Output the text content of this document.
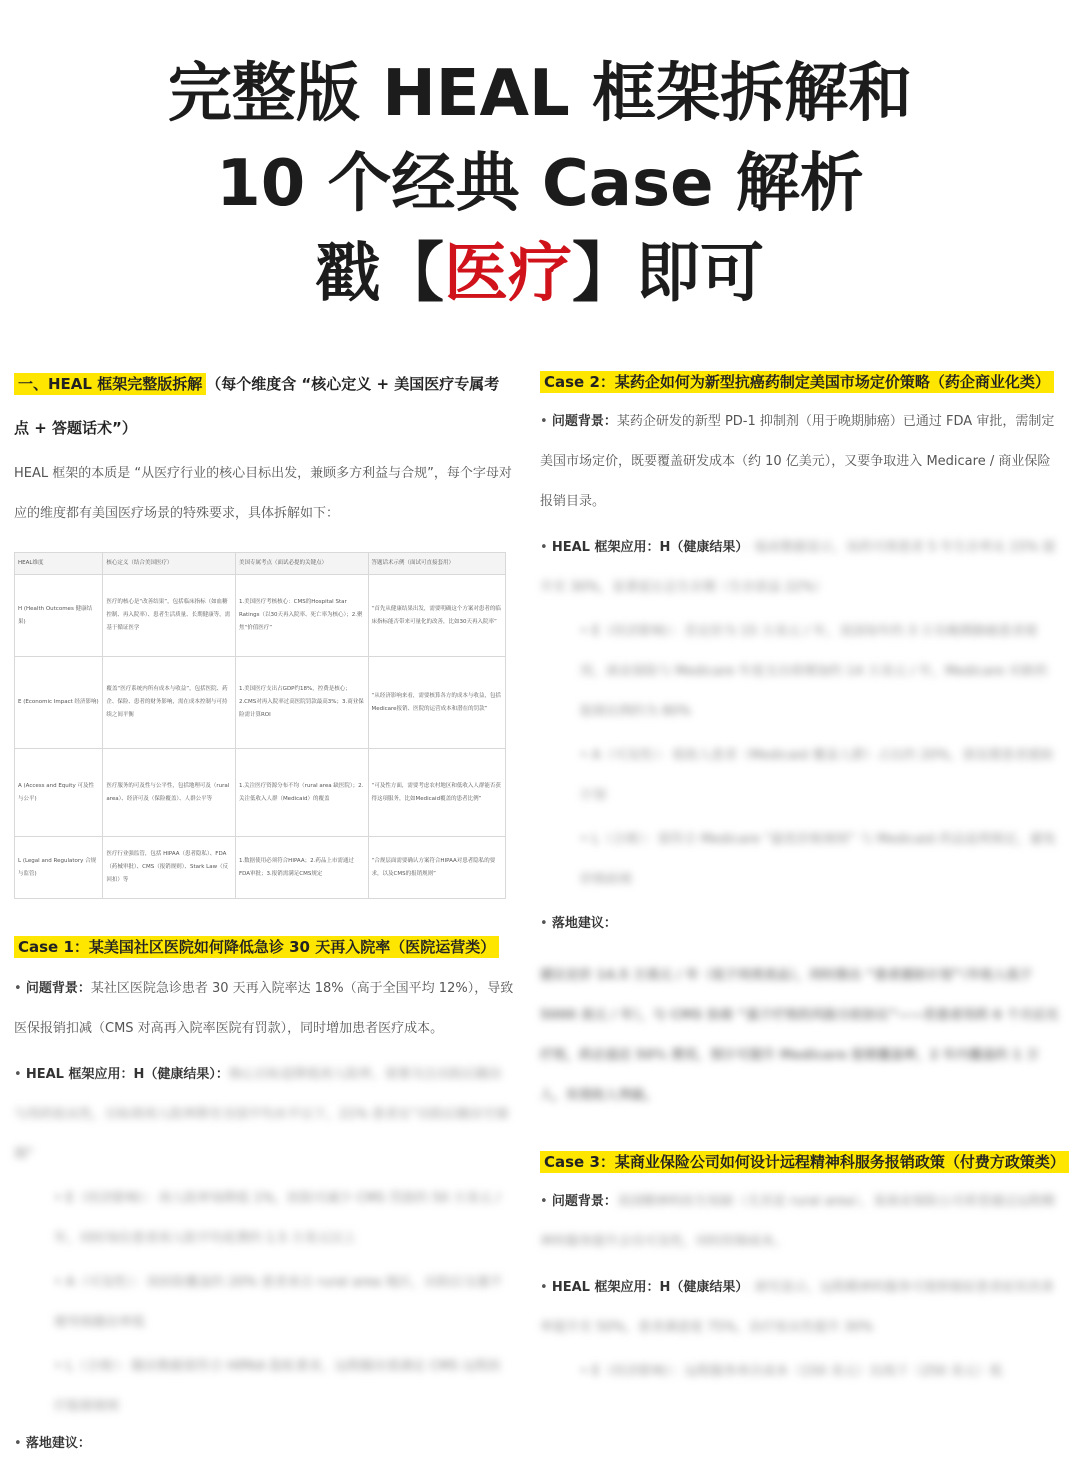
完整版 HEAL 框架拆解和
10 个经典 Case 解析
戳【医疗】即可
一、HEAL 框架完整版拆解 （每个维度含 “核心定义 + 美国医疗专属考点 + 答题话术”）
HEAL 框架的本质是 “从医疗行业的核心目标出发，兼顾多方利益与合规”，每个字母对应的维度都有美国医疗场景的特殊要求，具体拆解如下：
HEAL维度	核心定义（结合美国医疗）	美国专属考点（面试必提的关键点）	答题话术示例（面试可直接套用）
H (Health Outcomes 健康结果)	医疗的核心是“改善结果”，包括临床指标（如血糖控制、再入院率）、患者生活质量、长期健康等，需基于循证医学	1.美国医疗考核核心：CMS的Hospital Star Ratings（以30天再入院率、死亡率为核心）；2.聚焦“价值医疗”	“首先从健康结果出发，需要明确这个方案对患者的临床指标能否带来可量化的改善，比如30天再入院率”
E (Economic Impact 经济影响)	覆盖“医疗系统内所有成本与收益”，包括医院、药企、保险、患者的财务影响，需在成本控制与可持续之间平衡	1.美国医疗支出占GDP约18%，控费是核心；2.CMS对再入院率过高医院罚款最高3%；3.商业保险需计算ROI	“从经济影响来看，需要核算各方的成本与收益，包括Medicare报销、医院的运营成本和潜在的罚款”
A (Access and Equity 可及性与公平)	医疗服务的可及性与公平性，包括地理可及（rural area）、经济可及（保险覆盖）、人群公平等	1.关注医疗资源分布不均（rural area 缺医院）；2.关注低收入人群（Medicaid）的覆盖	“可及性方面，需要考虑农村地区和低收入人群能否获得这项服务，比如Medicaid覆盖的患者比例”
L (Legal and Regulatory 合规与监管)	医疗行业强监管，包括 HIPAA（患者隐私）、FDA（药械审批）、CMS（报销规则）、Stark Law（反回扣）等	1.数据使用必须符合HIPAA；2.药品上市需通过FDA审批；3.报销需满足CMS规定	“合规层面需要确认方案符合HIPAA对患者隐私的要求，以及CMS的报销规则”
Case 1：某美国社区医院如何降低急诊 30 天再入院率（医院运营类）
• 问题背景：某社区医院急诊患者 30 天再入院率达 18%（高于全国平均 12%），导致医保报销扣减（CMS 对高再入院率医院有罚款），同时增加患者医疗成本。
• HEAL 框架应用：H（健康结果）：核心目标是降低再入院率，需要关注出院后随访与用药依从性，目标将再入院率降至全国平均水平以下，21% 患者在“出院后随访空窗期”
• E（经济影响）：再入院率每降低 1%，医院可减少 CMS 罚款约 50 万美元 / 年，同时每位患者再入院平均花费约 1.5 万美元以上
• A（可及性）：该医院覆盖约 20% 患者来自 rural area 地区，出院后交通不便导致随访率低
• L（合规）：随访数据需符合 HIPAA 隐私要求，远程随访需满足 CMS 远程医疗报销规则
• 落地建议：
Case 2：某药企如何为新型抗癌药制定美国市场定价策略（药企商业化类）
• 问题背景：某药企研发的新型 PD-1 抑制剂（用于晚期肺癌）已通过 FDA 审批，需制定美国市场定价，既要覆盖研发成本（约 10 亿美元），又要争取进入 Medicare / 商业保险报销目录。
• HEAL 框架应用：H（健康结果）：临床数据显示，该药可将患者 5 年生存率从 15% 提升至 30%，显著延长总生存期（生存获益 22%）
• E（经济影响）：若定价为 15 万美元 / 年，美国每年约 3 万名晚期肺癌患者使用，商业保险与 Medicare 年度支出将增加约 14 万美元 / 年，Medicare 对新药报销比例约为 80%
• A（可及性）：低收入患者（Medicaid 覆盖人群）占比约 20%，需设置患者援助计划
• L（合规）：需符合 Medicare “最优价格规则” 与 Medicaid 药品返利规定，避免价格歧视
• 落地建议：
建议定价 14.5 万美元 / 年（低于同类竞品），同时推出 “患者援助计划”（年收入低于 5000 美元 / 年），与 CMS 协商 “基于疗效的风险分担协议”——若患者用药 6 个月后无疗效，药企退还 50% 费用，预计可提升 Medicare 报销覆盖率，2 年内覆盖约 1 万人，实现收入突破。
Case 3：某商业保险公司如何设计远程精神科服务报销政策（付费方政策类）
• 问题背景：美国精神科医生短缺（尤其是 rural area），某商业保险公司希望通过远程精神科服务提升会员可及性，同时控制成本。
• HEAL 框架应用：H（健康结果）：研究显示，远程精神科服务可使抑郁症患者症状改善率提升至 50%，患者满意度 75%，治疗依从性提升 30%
• E（经济影响）：远程服务单次成本（150 美元）比线下（250 美元）低
